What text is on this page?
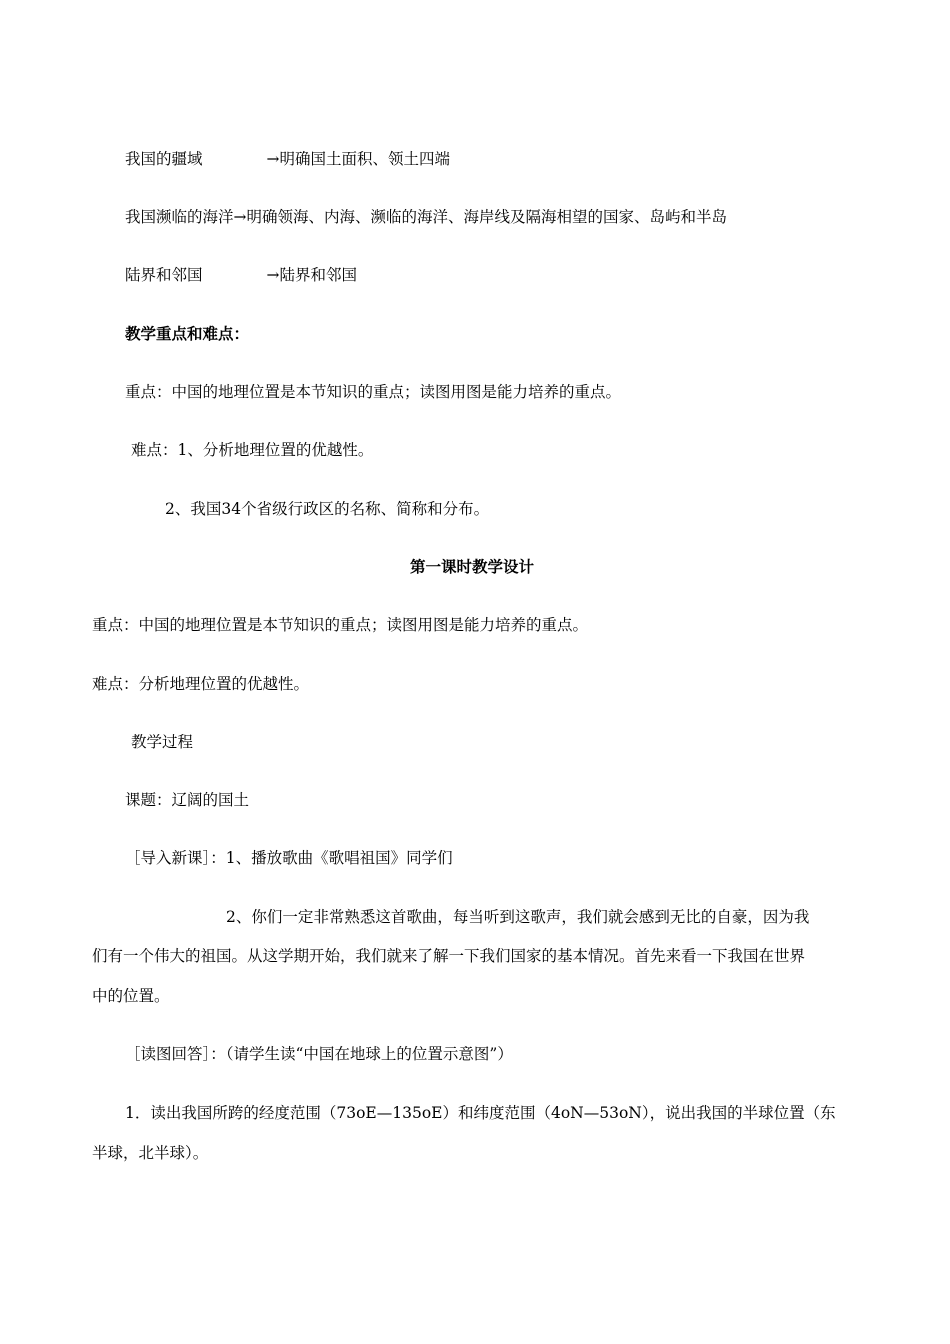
我国的疆域	→明确国土面积、领土四端
我国濒临的海洋→明确领海、内海、濒临的海洋、海岸线及隔海相望的国家、岛屿和半岛
陆界和邻国	→陆界和邻国
教学重点和难点：
重点：中国的地理位置是本节知识的重点；读图用图是能力培养的重点。
难点：1、分析地理位置的优越性。
2、我国34个省级行政区的名称、简称和分布。
第一课时教学设计
重点：中国的地理位置是本节知识的重点；读图用图是能力培养的重点。
难点：分析地理位置的优越性。
教学过程
课题：辽阔的国土
［导入新课］：1、播放歌曲《歌唱祖国》同学们
2、你们一定非常熟悉这首歌曲，每当听到这歌声，我们就会感到无比的自豪，因为我
们有一个伟大的祖国。从这学期开始，我们就来了解一下我们国家的基本情况。首先来看一下我国在世界
中的位置。
［读图回答］：（请学生读“中国在地球上的位置示意图”）
1．读出我国所跨的经度范围（73oE—135oE）和纬度范围（4oN—53oN），说出我国的半球位置（东
半球，北半球）。
